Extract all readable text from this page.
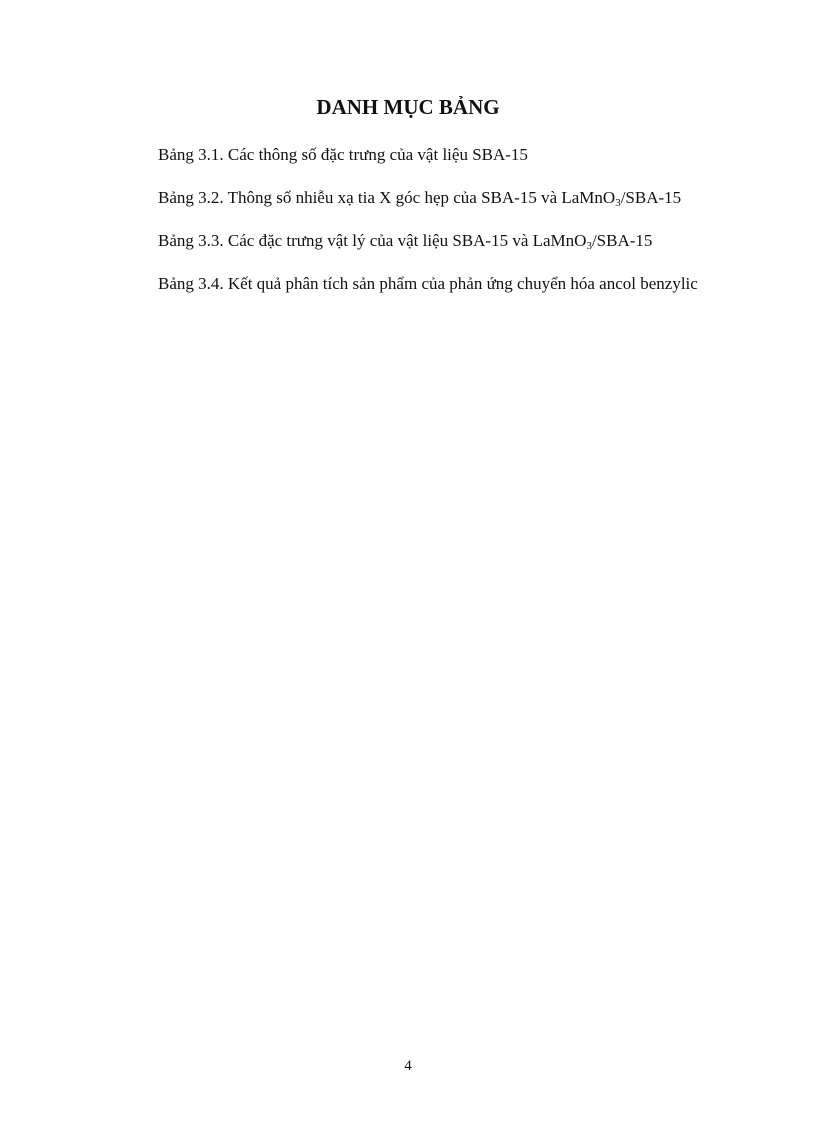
DANH MỤC BẢNG
Bảng 3.1. Các thông số đặc trưng của vật liệu SBA-15
Bảng 3.2. Thông số nhiễu xạ tia X góc hẹp của SBA-15 và LaMnO$_3$/SBA-15
Bảng 3.3. Các đặc trưng vật lý của vật liệu SBA-15 và LaMnO$_3$/SBA-15
Bảng 3.4. Kết quả phân tích sản phẩm của phản ứng chuyển hóa ancol benzylic
4
